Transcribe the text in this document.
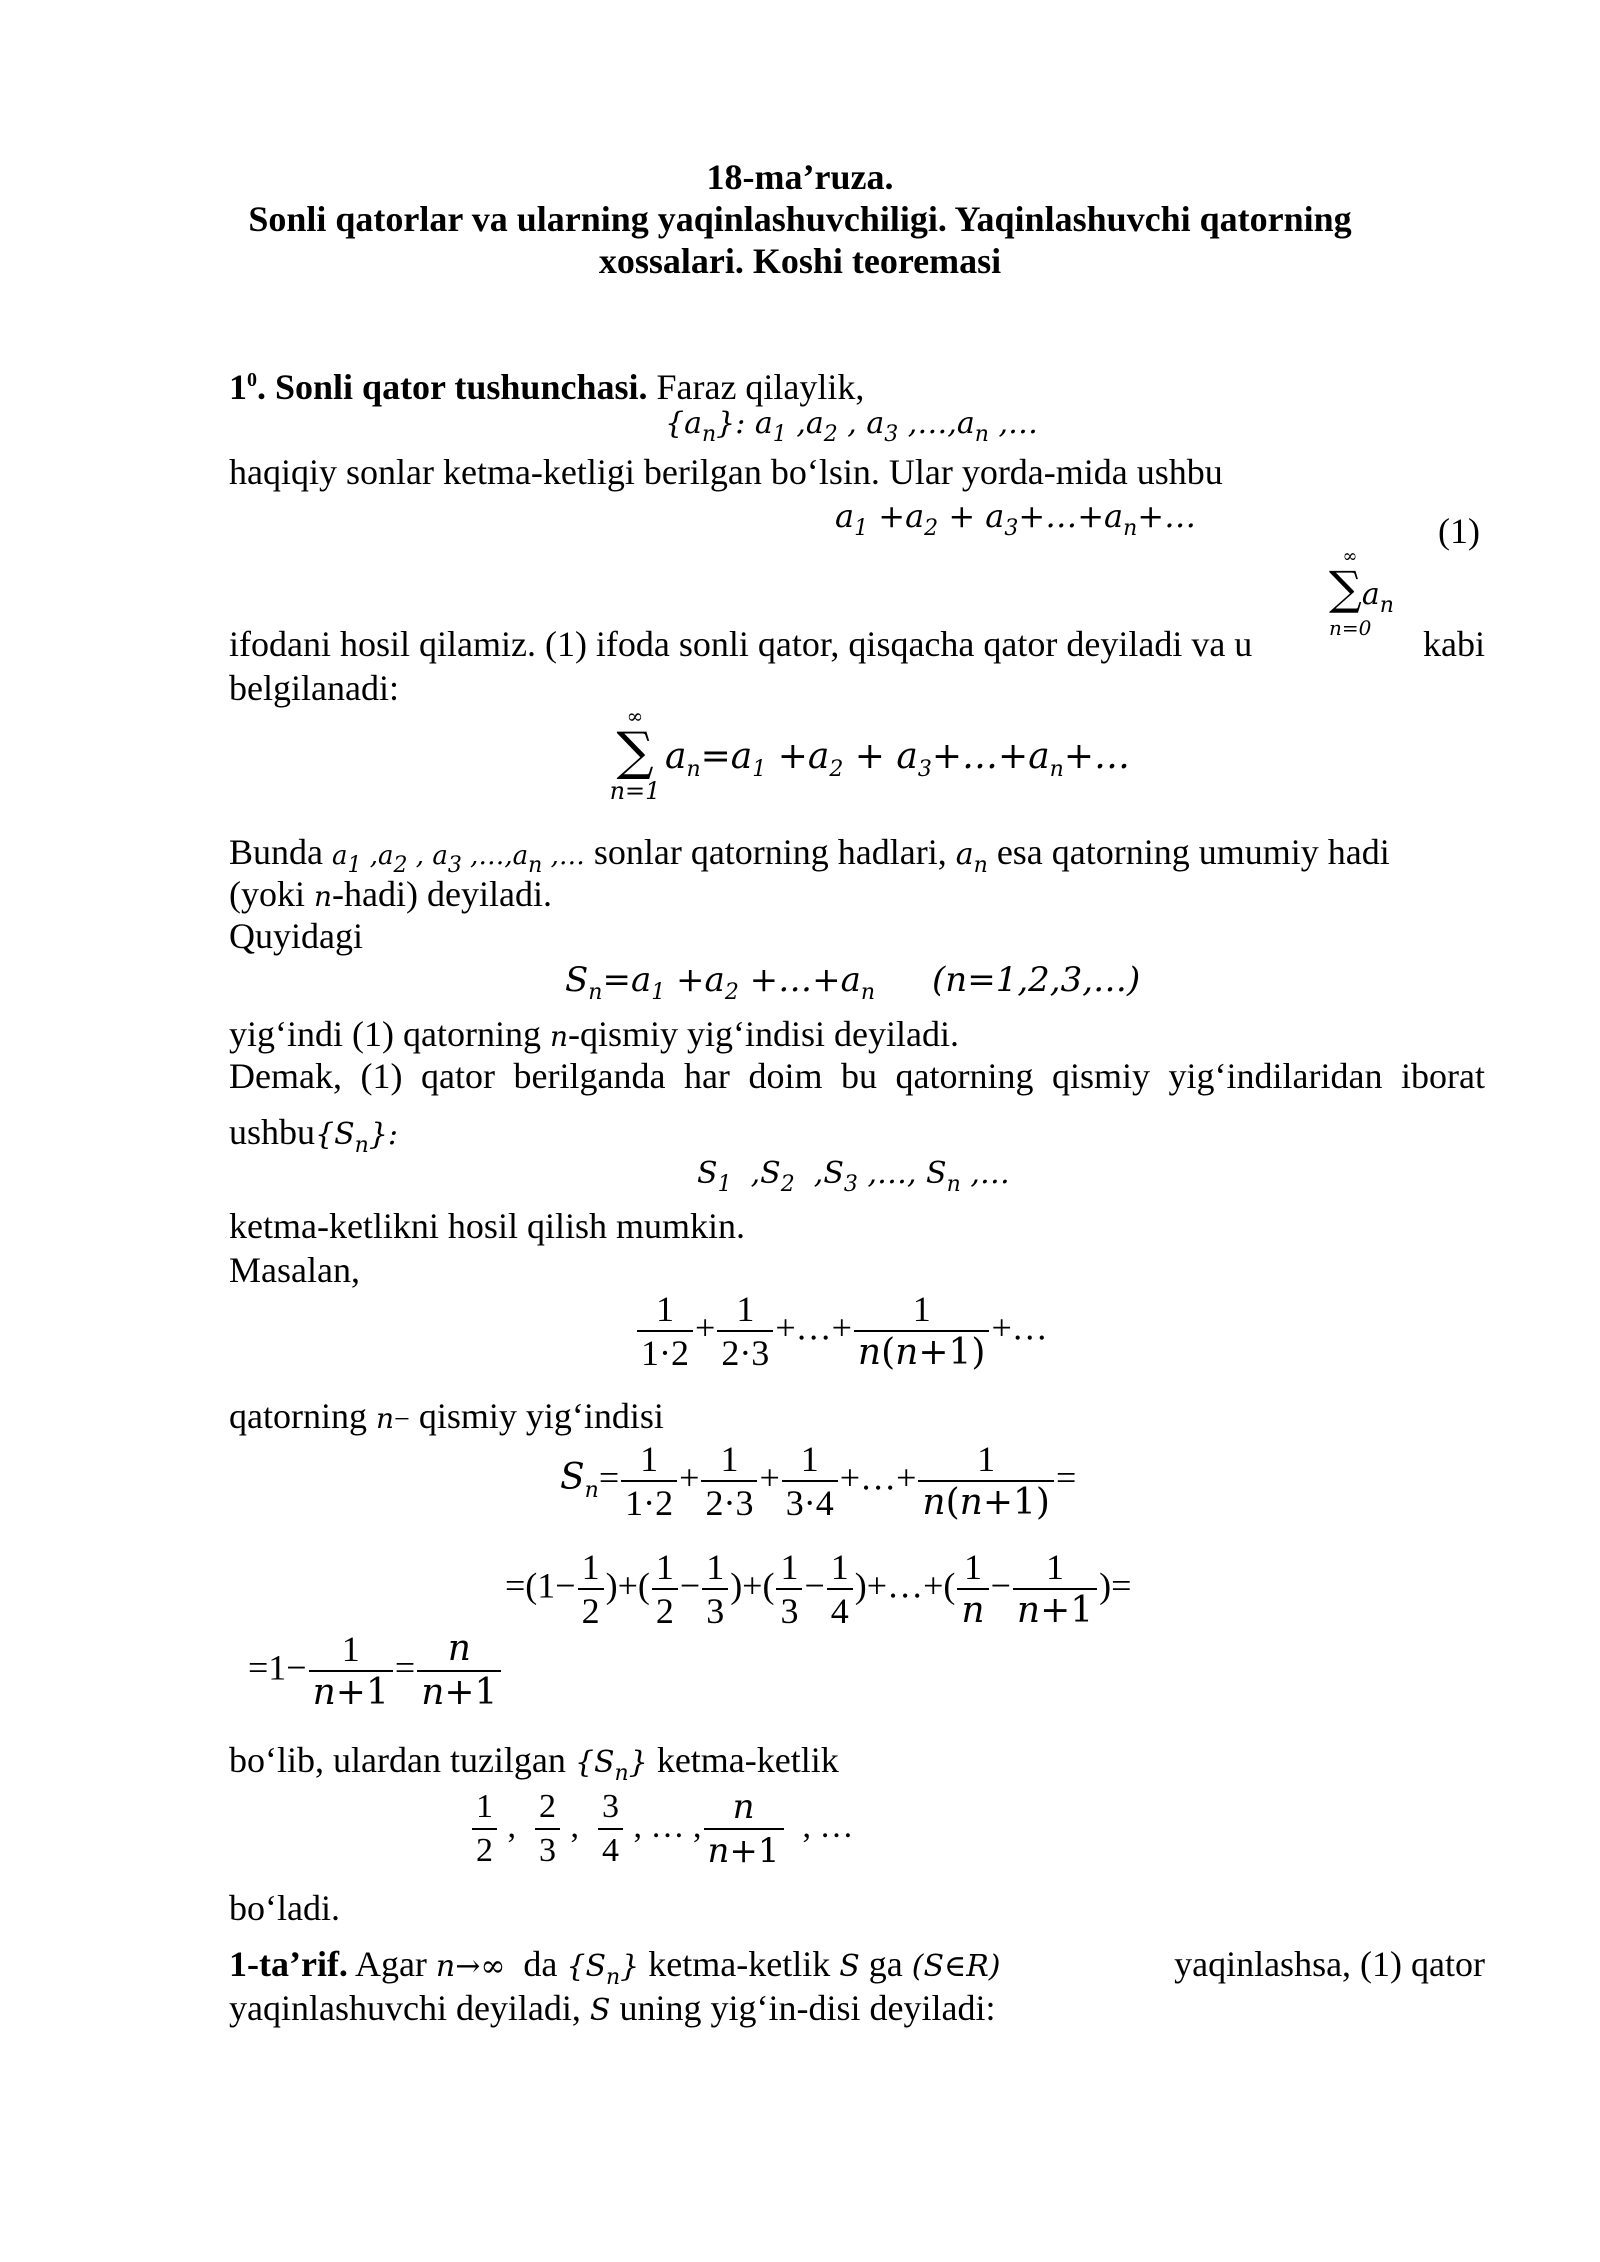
18-ma’ruza.
Sonli qatorlar va ularning yaqinlashuvchiligi. Yaqinlashuvchi qatorning
xossalari. Koshi teoremasi
$1^0$. Sonli qator tushunchasi. Faraz qilaylik,
$\{a_n\}$: $a_1$ $,a_2$ , $a_3$ $,\dots,a_n$ ,…
haqiqiy sonlar ketma-ketligi berilgan bo‘lsin. Ular yorda-mida ushbu
$a_1 +a_2$ + $a_3+\dots+a_n+\dots$	(1)
∞
$\sum a_n$
n=0
ifodani hosil qilamiz. (1) ifoda sonli qator, qisqacha qator deyiladi va u	kabi
belgilanadi:
∞
∑
n=1
$a_n=a_1 +a_2$ + $a_3+\dots+a_n+\dots$
Bunda $a_1$ $,a_2$ , $a_3$ $,\dots,a_n$ ,… sonlar qatorning hadlari, $a_n$ esa qatorning umumiy hadi
(yoki n-hadi) deyiladi.
Quyidagi
$S_n=a_1 +a_2$ $+\dots+a_n$ (n=1,2,3,…)
yig‘indi (1) qatorning n-qismiy yig‘indisi deyiladi.
Demak, (1) qator berilganda har doim bu qatorning qismiy yig‘indilaridan iborat
$ushbu\{S_n\}$:
$S_1$  $,S_2$  $,S_3$ ,…, $S_n$ ,…
ketma-ketlikni hosil qilish mumkin.
Masalan,
$\frac{1}{1\cdot 2} + \frac{1}{2\cdot 3}$ +…+ $\frac{1}{n(n+1)}$ +…
qatorning n− qismiy yig‘indisi
$S_n= \frac{1}{1\cdot 2} + \frac{1}{2\cdot 3} + \frac{1}{3\cdot 4}$ +…+ $\frac{1}{n(n+1)}$ =
$=(1- \frac{1}{2}$ )+( $\frac{1}{2} - \frac{1}{3}$ )+( $\frac{1}{3} - \frac{1}{4}$ )+…+( $\frac{1}{n} - \frac{1}{n+1}$ )=
$=1- \frac{1}{n+1} = \frac{n}{n+1}$
bo‘lib, ulardan tuzilgan $\{S_n\}$ ketma-ketlik
$\frac{1}{2}$ , $\frac{2}{3}$ , $\frac{3}{4}$ , … , $\frac{n}{n+1}$ , …
bo‘ladi.
1-ta’rif. Agar n→∞ da $\{S_n\}$ ketma-ketlik S ga (S∈R)	yaqinlashsa, (1) qator
yaqinlashuvchi deyiladi, S uning yig‘in-disi deyiladi:
